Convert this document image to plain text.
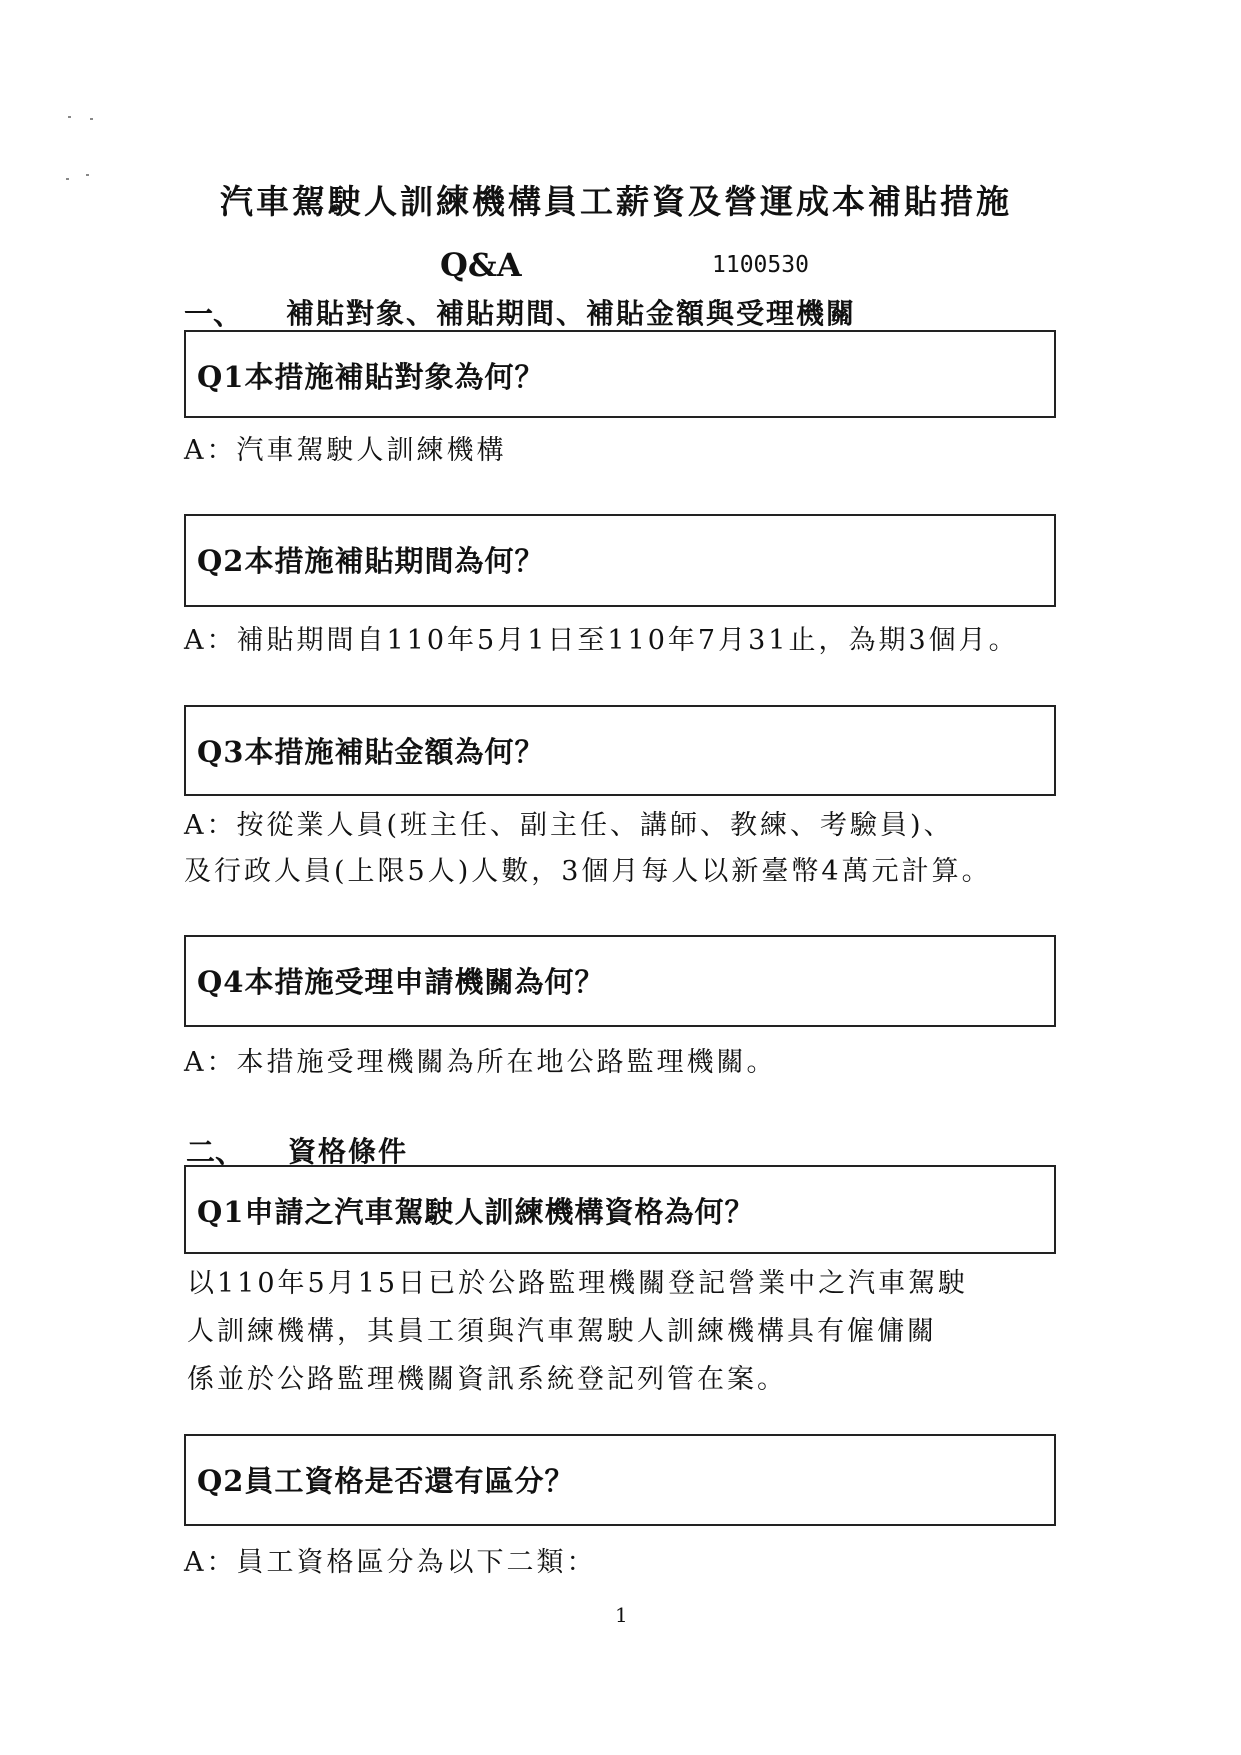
汽車駕駛人訓練機構員工薪資及營運成本補貼措施
Q&A	1100530
一、 補貼對象、補貼期間、補貼金額與受理機關
Q1本措施補貼對象為何？
A：汽車駕駛人訓練機構
Q2本措施補貼期間為何？
A：補貼期間自110年5月1日至110年7月31止，為期3個月。
Q3本措施補貼金額為何？
A：按從業人員(班主任、副主任、講師、教練、考驗員)、
及行政人員(上限5人)人數，3個月每人以新臺幣4萬元計算。
Q4本措施受理申請機關為何？
A：本措施受理機關為所在地公路監理機關。
二、 資格條件
Q1申請之汽車駕駛人訓練機構資格為何？
以110年5月15日已於公路監理機關登記營業中之汽車駕駛
人訓練機構，其員工須與汽車駕駛人訓練機構具有僱傭關
係並於公路監理機關資訊系統登記列管在案。
Q2員工資格是否還有區分？
A：員工資格區分為以下二類：
1
